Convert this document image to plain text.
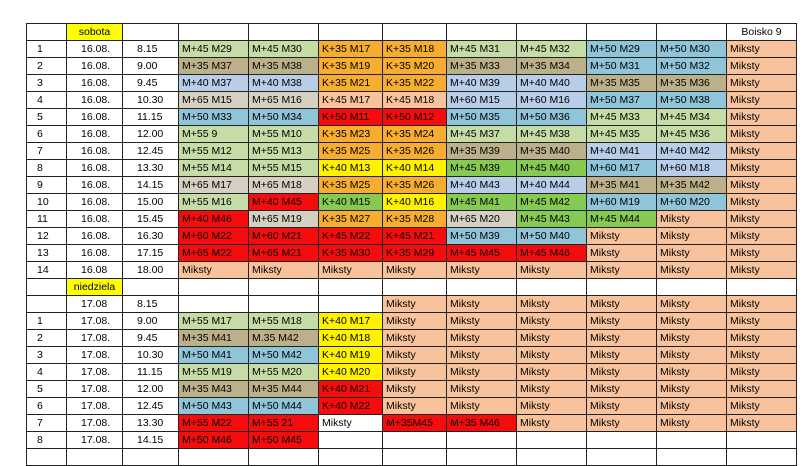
	sobota										Boisko 9
1	16.08.	8.15	M+45 M29	M+45 M30	K+35 M17	K+35 M18	M+45 M31	M+45 M32	M+50 M29	M+50 M30	Miksty
2	16.08.	9.00	M+35 M37	M+35 M38	K+35 M19	K+35 M20	M+35 M33	M+35 M34	M+50 M31	M+50 M32	Miksty
3	16.08.	9.45	M+40 M37	M+40 M38	K+35 M21	K+35 M22	M+40 M39	M+40 M40	M+35 M35	M+35 M36	Miksty
4	16.08.	10.30	M+65 M15	M+65 M16	K+45 M17	K+45 M18	M+60 M15	M+60 M16	M+50 M37	M+50 M38	Miksty
5	16.08.	11.15	M+50 M33	M+50 M34	K+50 M11	K+50 M12	M+50 M35	M+50 M36	M+45 M33	M+45 M34	Miksty
6	16.08.	12.00	M+55 9	M+55 M10	K+35 M23	K+35 M24	M+45 M37	M+45 M38	M+45 M35	M+45 M36	Miksty
7	16.08.	12.45	M+55 M12	M+55 M13	K+35 M25	K+35 M26	M+35 M39	M+35 M40	M+40 M41	M+40 M42	Miksty
8	16.08.	13.30	M+55 M14	M+55 M15	K+40 M13	K+40 M14	M+45 M39	M+45 M40	M+60 M17	M+60 M18	Miksty
9	16.08.	14.15	M+65 M17	M+65 M18	K+35 M25	K+35 M26	M+40 M43	M+40 M44	M+35 M41	M+35 M42	Miksty
10	16.08.	15.00	M+55 M16	M+40 M45	K+40 M15	K+40 M16	M+45 M41	M+45 M42	M+60 M19	M+60 M20	Miksty
11	16.08.	15.45	M+40 M46	M+65 M19	K+35 M27	K+35 M28	M+65 M20	M+45 M43	M+45 M44	Miksty	Miksty
12	16.08.	16.30	M+60 M22	M+60 M21	K+45 M22	K+45 M21	M+50 M39	M+50 M40	Miksty	Miksty	Miksty
13	16.08.	17.15	M+65 M22	M+65 M21	K+35 M30	K+35 M29	M+45 M45	M+45 M46	Miksty	Miksty	Miksty
14	16.08	18.00	Miksty	Miksty	Miksty	Miksty	Miksty	Miksty	Miksty	Miksty	Miksty
	niedziela										
	17.08	8.15				Miksty	Miksty	Miksty	Miksty	Miksty	Miksty
1	17.08.	9.00	M+55 M17	M+55 M18	K+40 M17	Miksty	Miksty	Miksty	Miksty	Miksty	Miksty
2	17.08.	9.45	M+35 M41	M.35 M42	K+40 M18	Miksty	Miksty	Miksty	Miksty	Miksty	Miksty
3	17.08.	10.30	M+50 M41	M+50 M42	K+40 M19	Miksty	Miksty	Miksty	Miksty	Miksty	Miksty
4	17.08.	11.15	M+55 M19	M+55 M20	K+40 M20	Miksty	Miksty	Miksty	Miksty	Miksty	Miksty
5	17.08.	12.00	M+35 M43	M+35 M44	K+40 M21	Miksty	Miksty	Miksty	Miksty	Miksty	Miksty
6	17.08.	12.45	M+50 M43	M+50 M44	K+40 M22	Miksty	Miksty	Miksty	Miksty	Miksty	Miksty
7	17.08.	13.30	M+55 M22	M+55 21	Miksty	M+35M45	M+35 M46	Miksty	Miksty	Miksty	Miksty
8	17.08.	14.15	M+50 M46	M+50 M45							
